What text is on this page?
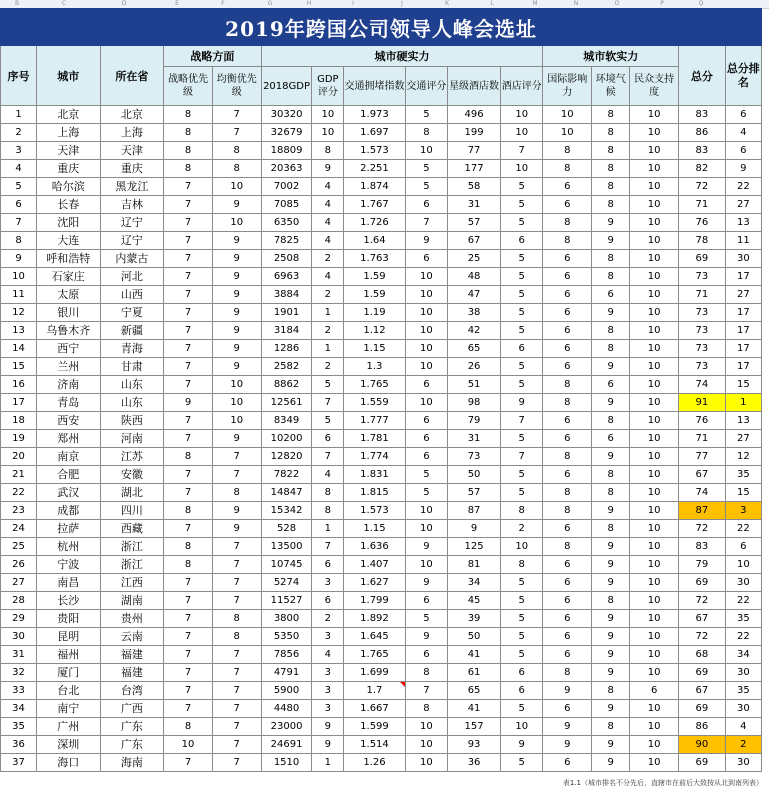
B	C	D	E	F	G	H	I	J	K	L	M	N	O	P	Q
2019年跨国公司领导人峰会选址															
序号	城市	所在省	战略方面		城市硬实力						城市软实力			总分	总分排名
			战略优先级	均衡优先级	2018GDP	GDP评分	交通拥堵指数	交通评分	星级酒店数	酒店评分	国际影响力	环境气候	民众支持度		
1	北京	北京	8	7	30320	10	1.973	5	496	10	10	8	10	83	6
2	上海	上海	8	7	32679	10	1.697	8	199	10	10	8	10	86	4
3	天津	天津	8	8	18809	8	1.573	10	77	7	8	8	10	83	6
4	重庆	重庆	8	8	20363	9	2.251	5	177	10	8	8	10	82	9
5	哈尔滨	黑龙江	7	10	7002	4	1.874	5	58	5	6	8	10	72	22
6	长春	吉林	7	9	7085	4	1.767	6	31	5	6	8	10	71	27
7	沈阳	辽宁	7	10	6350	4	1.726	7	57	5	8	9	10	76	13
8	大连	辽宁	7	9	7825	4	1.64	9	67	6	8	9	10	78	11
9	呼和浩特	内蒙古	7	9	2508	2	1.763	6	25	5	6	8	10	69	30
10	石家庄	河北	7	9	6963	4	1.59	10	48	5	6	8	10	73	17
11	太原	山西	7	9	3884	2	1.59	10	47	5	6	6	10	71	27
12	银川	宁夏	7	9	1901	1	1.19	10	38	5	6	9	10	73	17
13	乌鲁木齐	新疆	7	9	3184	2	1.12	10	42	5	6	8	10	73	17
14	西宁	青海	7	9	1286	1	1.15	10	65	6	6	8	10	73	17
15	兰州	甘肃	7	9	2582	2	1.3	10	26	5	6	9	10	73	17
16	济南	山东	7	10	8862	5	1.765	6	51	5	8	6	10	74	15
17	青岛	山东	9	10	12561	7	1.559	10	98	9	8	9	10	91	1
18	西安	陕西	7	10	8349	5	1.777	6	79	7	6	8	10	76	13
19	郑州	河南	7	9	10200	6	1.781	6	31	5	6	6	10	71	27
20	南京	江苏	8	7	12820	7	1.774	6	73	7	8	9	10	77	12
21	合肥	安徽	7	7	7822	4	1.831	5	50	5	6	8	10	67	35
22	武汉	湖北	7	8	14847	8	1.815	5	57	5	8	8	10	74	15
23	成都	四川	8	9	15342	8	1.573	10	87	8	8	9	10	87	3
24	拉萨	西藏	7	9	528	1	1.15	10	9	2	6	8	10	72	22
25	杭州	浙江	8	7	13500	7	1.636	9	125	10	8	9	10	83	6
26	宁波	浙江	8	7	10745	6	1.407	10	81	8	6	9	10	79	10
27	南昌	江西	7	7	5274	3	1.627	9	34	5	6	9	10	69	30
28	长沙	湖南	7	7	11527	6	1.799	6	45	5	6	8	10	72	22
29	贵阳	贵州	7	8	3800	2	1.892	5	39	5	6	9	10	67	35
30	昆明	云南	7	8	5350	3	1.645	9	50	5	6	9	10	72	22
31	福州	福建	7	7	7856	4	1.765	6	41	5	6	9	10	68	34
32	厦门	福建	7	7	4791	3	1.699	8	61	6	8	9	10	69	30
33	台北	台湾	7	7	5900	3	1.7	7	65	6	9	8	6	67	35
34	南宁	广西	7	7	4480	3	1.667	8	41	5	6	9	10	69	30
35	广州	广东	8	7	23000	9	1.599	10	157	10	9	8	10	86	4
36	深圳	广东	10	7	24691	9	1.514	10	93	9	9	9	10	90	2
37	海口	海南	7	7	1510	1	1.26	10	36	5	6	9	10	69	30
表1.1（城市排名不分先后，直辖市在前后大致按从北到南列表）
